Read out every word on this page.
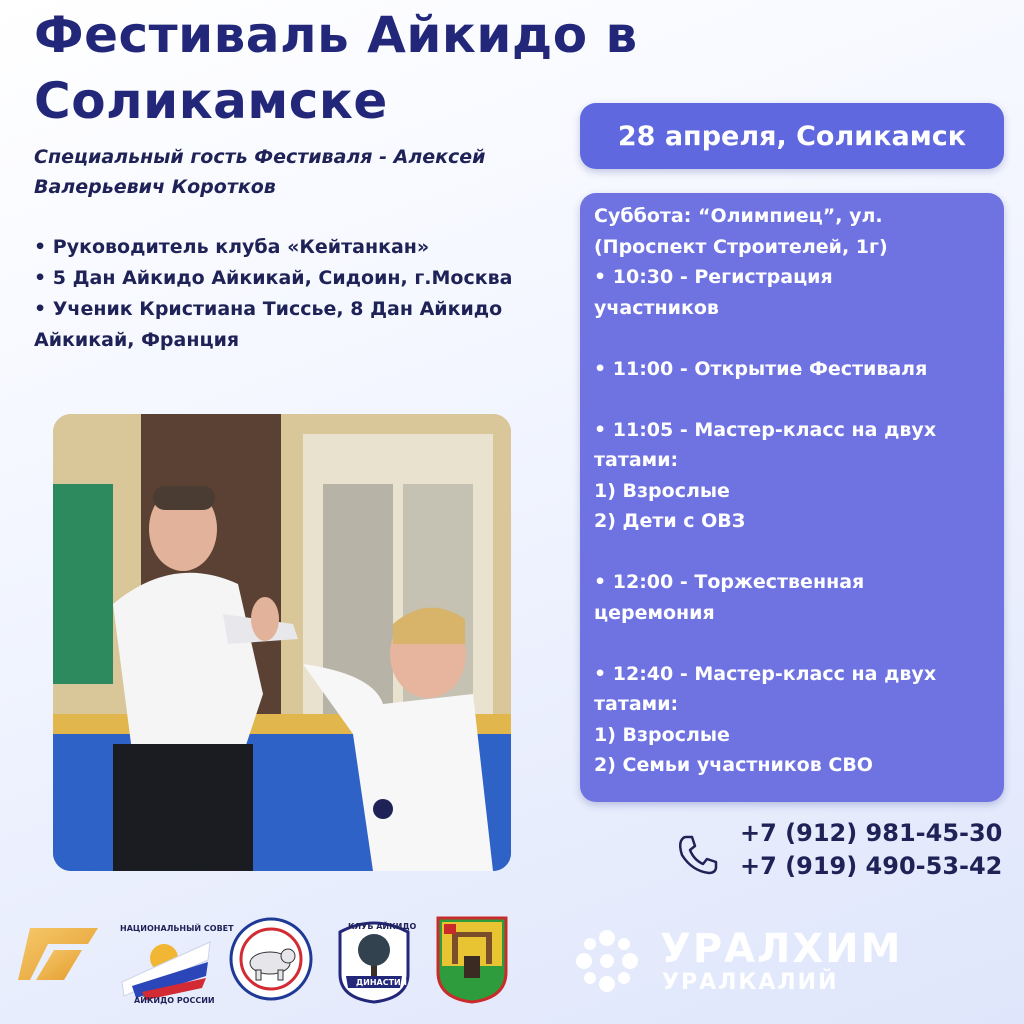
Фестиваль Айкидо в
Соликамске

Специальный гость Фестиваля - Алексей
Валерьевич Коротков

• Руководитель клуба «Кейтанкан»
• 5 Дан Айкидо Айкикай, Сидоин, г.Москва
• Ученик Кристиана Тиссье, 8 Дан Айкидо Айкикай, Франция
28 апреля, Соликамск

Суббота: “Олимпиец”, ул.

(Проспект Строителей, 1г)

• 10:30 - Регистрация

участников

• 11:00 - Открытие Фестиваля

• 11:05 - Мастер-класс на двух

татами:

1) Взрослые

2) Дети с ОВЗ

• 12:00 - Торжественная

церемония

• 12:40 - Мастер-класс на двух

татами:

1) Взрослые

2) Семьи участников СВО

+7 (912) 981-45-30
+7 (919) 490-53-42
НАЦИОНАЛЬНЫЙ СОВЕТ
АЙКИДО РОССИИ
КЛУБ АЙКИДО
ДИНАСТИЯ
УРАЛХИМ
УРАЛКАЛИЙ
